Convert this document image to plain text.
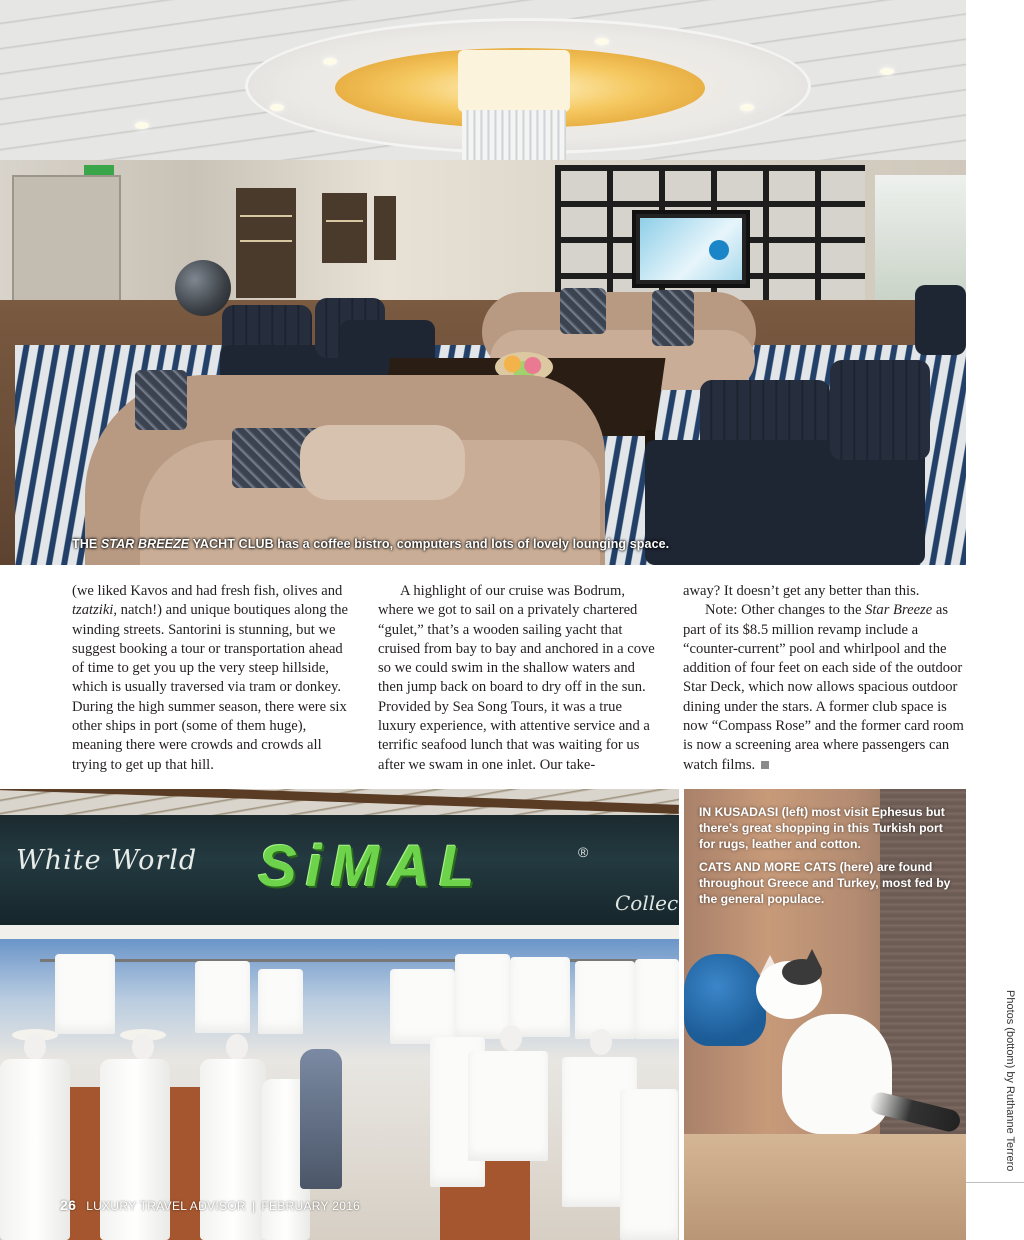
THE STAR BREEZE YACHT CLUB has a coffee bistro, computers and lots of lovely lounging space.

(we liked Kavos and had fresh fish, olives and tzatziki, natch!) and unique boutiques along the winding streets. Santorini is stunning, but we suggest booking a tour or transportation ahead of time to get you up the very steep hillside, which is usually traversed via tram or donkey. During the high summer season, there were six other ships in port (some of them huge), meaning there were crowds and crowds all trying to get up that hill.

A highlight of our cruise was Bodrum, where we got to sail on a privately chartered “gulet,” that’s a wooden sailing yacht that cruised from bay to bay and anchored in a cove so we could swim in the shallow waters and then jump back on board to dry off in the sun. Provided by Sea Song Tours, it was a true luxury experience, with attentive service and a terrific seafood lunch that was waiting for us after we swam in one inlet. Our take-

away? It doesn’t get any better than this.

Note: Other changes to the Star Breeze as part of its $8.5 million revamp include a “counter-current” pool and whirlpool and the addition of four feet on each side of the outdoor Star Deck, which now allows spacious outdoor dining under the stars. A former club space is now “Compass Rose” and the former card room is now a screening area where passengers can watch films.

White World SiMAL	®
Collec
26 LUXURY TRAVEL ADVISOR | FEBRUARY 2016

IN KUSADASI (left) most visit Ephesus but there’s great shopping in this Turkish port for rugs, leather and cotton.

CATS AND MORE CATS (here) are found throughout Greece and Turkey, most fed by the general populace.

Photos (bottom) by Ruthanne Terrero
